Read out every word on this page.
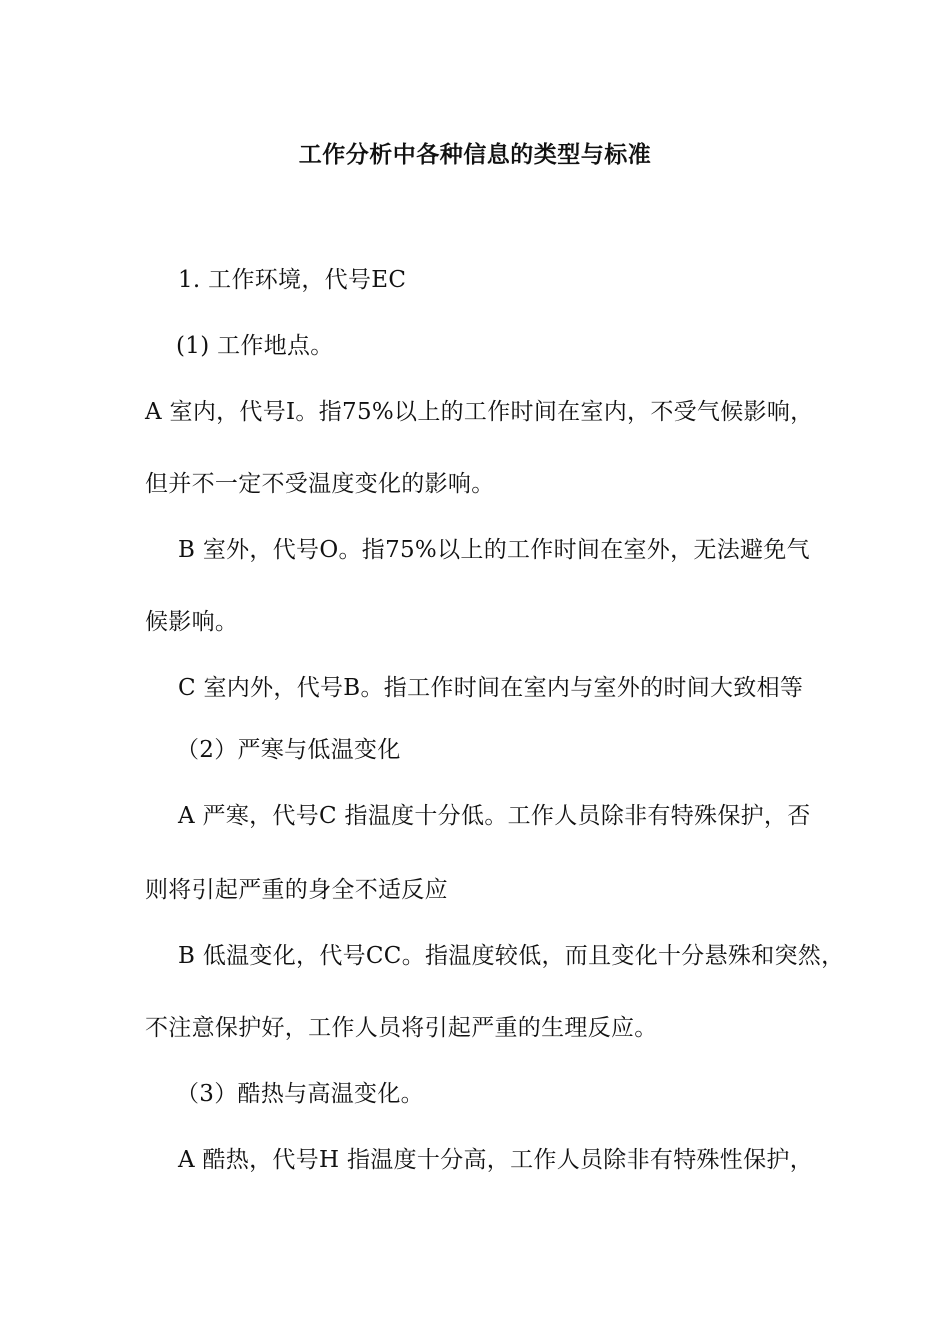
工作分析中各种信息的类型与标准
1. 工作环境，代号EC
(1) 工作地点。
A 室内，代号I。指75%以上的工作时间在室内，不受气候影响，
但并不一定不受温度变化的影响。
B 室外，代号O。指75%以上的工作时间在室外，无法避免气
候影响。
C 室内外，代号B。指工作时间在室内与室外的时间大致相等
（2）严寒与低温变化
A 严寒，代号C 指温度十分低。工作人员除非有特殊保护，否
则将引起严重的身全不适反应
B 低温变化，代号CC。指温度较低，而且变化十分悬殊和突然，
不注意保护好，工作人员将引起严重的生理反应。
（3）酷热与高温变化。
A 酷热，代号H 指温度十分高，工作人员除非有特殊性保护，
